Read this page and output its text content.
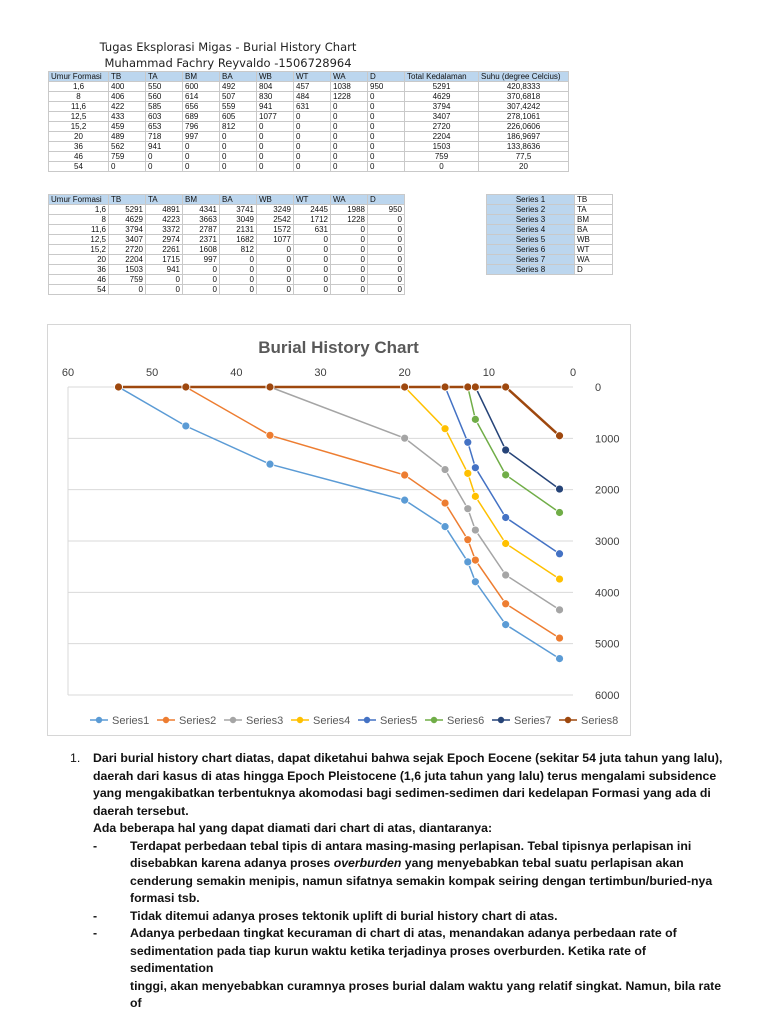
Tugas Eksplorasi Migas - Burial History Chart
Muhammad Fachry Reyvaldo -1506728964
Umur Formasi	TB	TA	BM	BA	WB	WT	WA	D	Total Kedalaman	Suhu (degree Celcius)
1,6	400	550	600	492	804	457	1038	950	5291	420,8333
8	406	560	614	507	830	484	1228	0	4629	370,6818
11,6	422	585	656	559	941	631	0	0	3794	307,4242
12,5	433	603	689	605	1077	0	0	0	3407	278,1061
15,2	459	653	796	812	0	0	0	0	2720	226,0606
20	489	718	997	0	0	0	0	0	2204	186,9697
36	562	941	0	0	0	0	0	0	1503	133,8636
46	759	0	0	0	0	0	0	0	759	77,5
54	0	0	0	0	0	0	0	0	0	20
Umur Formasi	TB	TA	BM	BA	WB	WT	WA	D
1,6	5291	4891	4341	3741	3249	2445	1988	950
8	4629	4223	3663	3049	2542	1712	1228	0
11,6	3794	3372	2787	2131	1572	631	0	0
12,5	3407	2974	2371	1682	1077	0	0	0
15,2	2720	2261	1608	812	0	0	0	0
20	2204	1715	997	0	0	0	0	0
36	1503	941	0	0	0	0	0	0
46	759	0	0	0	0	0	0	0
54	0	0	0	0	0	0	0	0
Series 1	TB
Series 2	TA
Series 3	BM
Series 4	BA
Series 5	WB
Series 6	WT
Series 7	WA
Series 8	D
Burial History Chart
0
1000
2000
3000
4000
5000
6000
60	50	40	30	20	10	0
Series1	Series2	Series3	Series4	Series5	Series6	Series7	Series8
1. Dari burial history chart diatas, dapat diketahui bahwa sejak Epoch Eocene (sekitar 54 juta tahun yang lalu),
daerah dari kasus di atas hingga Epoch Pleistocene (1,6 juta tahun yang lalu) terus mengalami subsidence
yang mengakibatkan terbentuknya akomodasi bagi sedimen-sedimen dari kedelapan Formasi yang ada di
daerah tersebut.
Ada beberapa hal yang dapat diamati dari chart di atas, diantaranya:
-	Terdapat perbedaan tebal tipis di antara masing-masing perlapisan. Tebal tipisnya perlapisan ini
disebabkan karena adanya proses overburden yang menyebabkan tebal suatu perlapisan akan
cenderung semakin menipis, namun sifatnya semakin kompak seiring dengan tertimbun/buried-nya
formasi tsb.
-	Tidak ditemui adanya proses tektonik uplift di burial history chart di atas.
-	Adanya perbedaan tingkat kecuraman di chart di atas, menandakan adanya perbedaan rate of
sedimentation pada tiap kurun waktu ketika terjadinya proses overburden. Ketika rate of sedimentation
tinggi, akan menyebabkan curamnya proses burial dalam waktu yang relatif singkat. Namun, bila rate of
